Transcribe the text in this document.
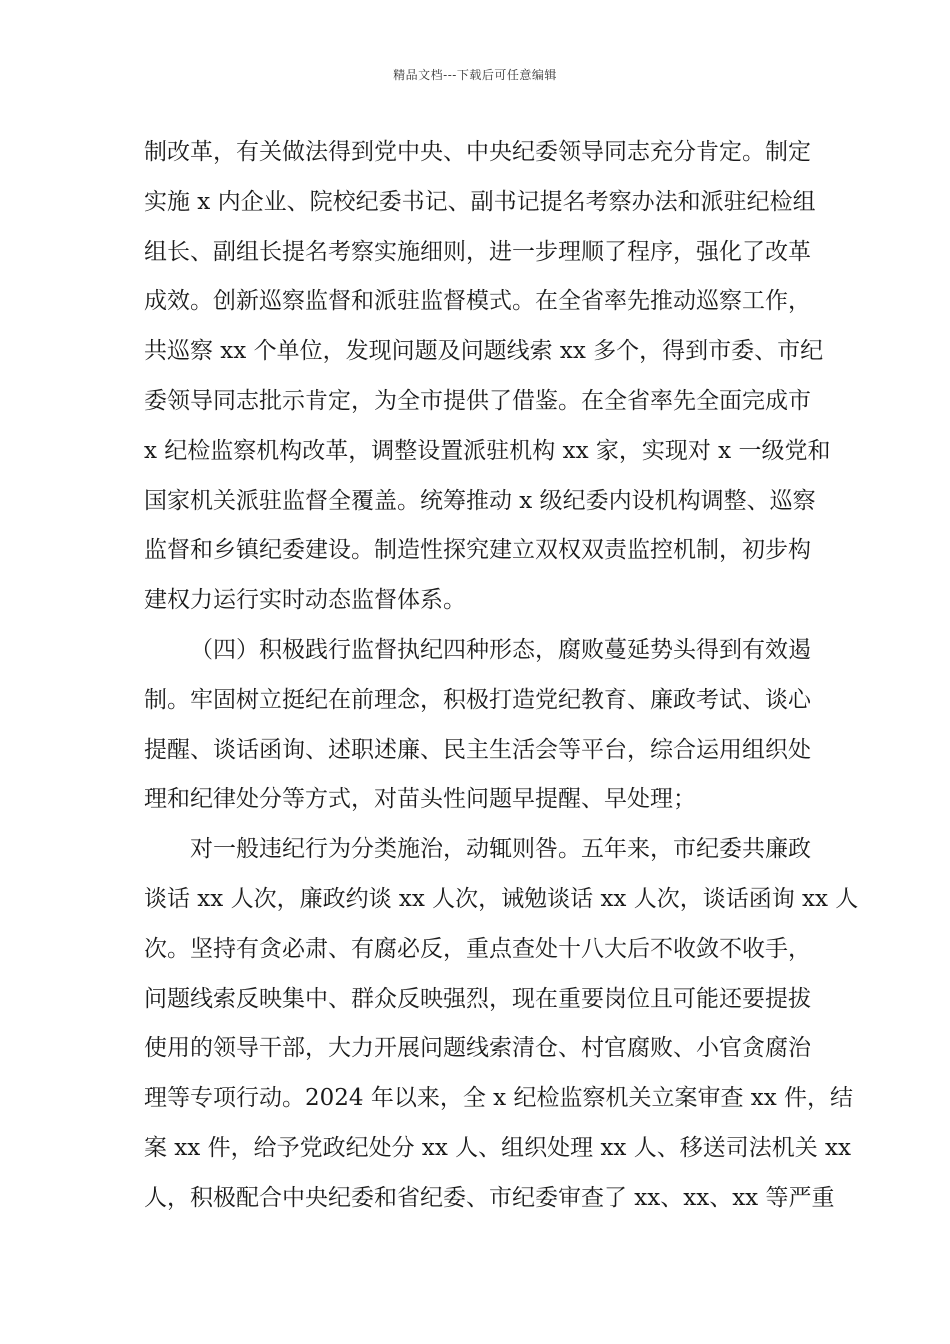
精品文档---下载后可任意编辑
制改革，有关做法得到党中央、中央纪委领导同志充分肯定。制定
实施 x 内企业、院校纪委书记、副书记提名考察办法和派驻纪检组
组长、副组长提名考察实施细则，进一步理顺了程序，强化了改革
成效。创新巡察监督和派驻监督模式。在全省率先推动巡察工作，
共巡察 xx 个单位，发现问题及问题线索 xx 多个，得到市委、市纪
委领导同志批示肯定，为全市提供了借鉴。在全省率先全面完成市
x 纪检监察机构改革，调整设置派驻机构 xx 家，实现对 x 一级党和
国家机关派驻监督全覆盖。统筹推动 x 级纪委内设机构调整、巡察
监督和乡镇纪委建设。制造性探究建立双权双责监控机制，初步构
建权力运行实时动态监督体系。
（四）积极践行监督执纪四种形态，腐败蔓延势头得到有效遏
制。牢固树立挺纪在前理念，积极打造党纪教育、廉政考试、谈心
提醒、谈话函询、述职述廉、民主生活会等平台，综合运用组织处
理和纪律处分等方式，对苗头性问题早提醒、早处理；
对一般违纪行为分类施治，动辄则咎。五年来，市纪委共廉政
谈话 xx 人次，廉政约谈 xx 人次，诫勉谈话 xx 人次，谈话函询 xx 人
次。坚持有贪必肃、有腐必反，重点查处十八大后不收敛不收手，
问题线索反映集中、群众反映强烈，现在重要岗位且可能还要提拔
使用的领导干部，大力开展问题线索清仓、村官腐败、小官贪腐治
理等专项行动。2024 年以来，全 x 纪检监察机关立案审查 xx 件，结
案 xx 件，给予党政纪处分 xx 人、组织处理 xx 人、移送司法机关 xx
人，积极配合中央纪委和省纪委、市纪委审查了 xx、xx、xx 等严重
